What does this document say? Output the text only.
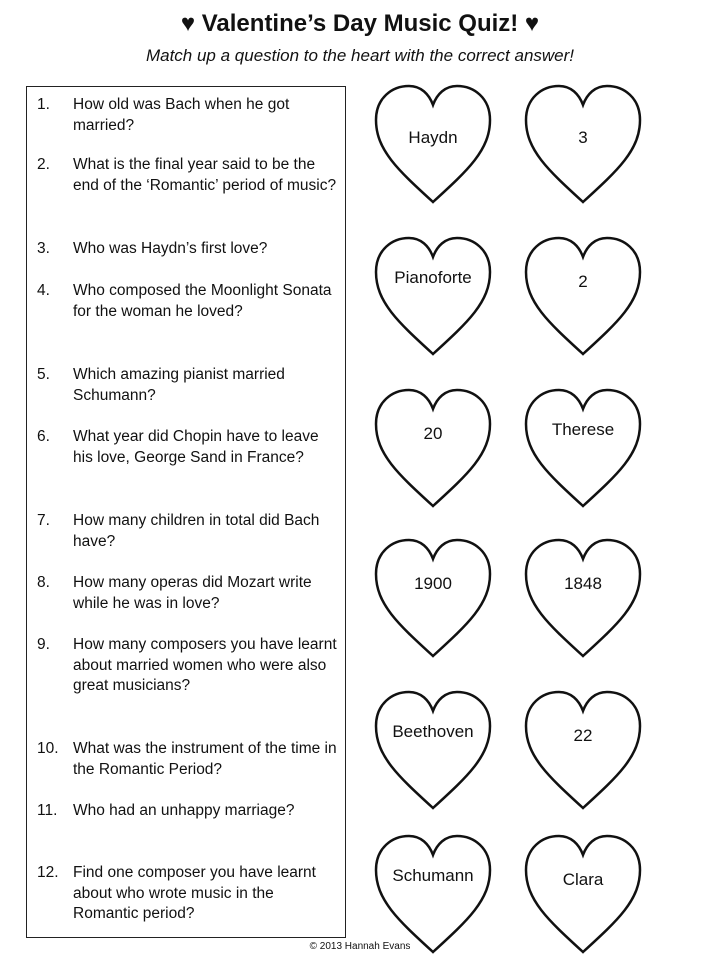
♥ Valentine’s Day Music Quiz! ♥
Match up a question to the heart with the correct answer!
1. How old was Bach when he got married?
2. What is the final year said to be the end of the ‘Romantic’ period of music?
3. Who was Haydn’s first love?
4. Who composed the Moonlight Sonata for the woman he loved?
5. Which amazing pianist married Schumann?
6. What year did Chopin have to leave his love, George Sand in France?
7. How many children in total did Bach have?
8. How many operas did Mozart write while he was in love?
9. How many composers you have learnt about married women who were also great musicians?
10. What was the instrument of the time in the Romantic Period?
11. Who had an unhappy marriage?
12. Find one composer you have learnt about who wrote music in the Romantic period?
Haydn	3
Pianoforte	2
20	Therese
1900	1848
Beethoven	22
Schumann	Clara
© 2013 Hannah Evans
